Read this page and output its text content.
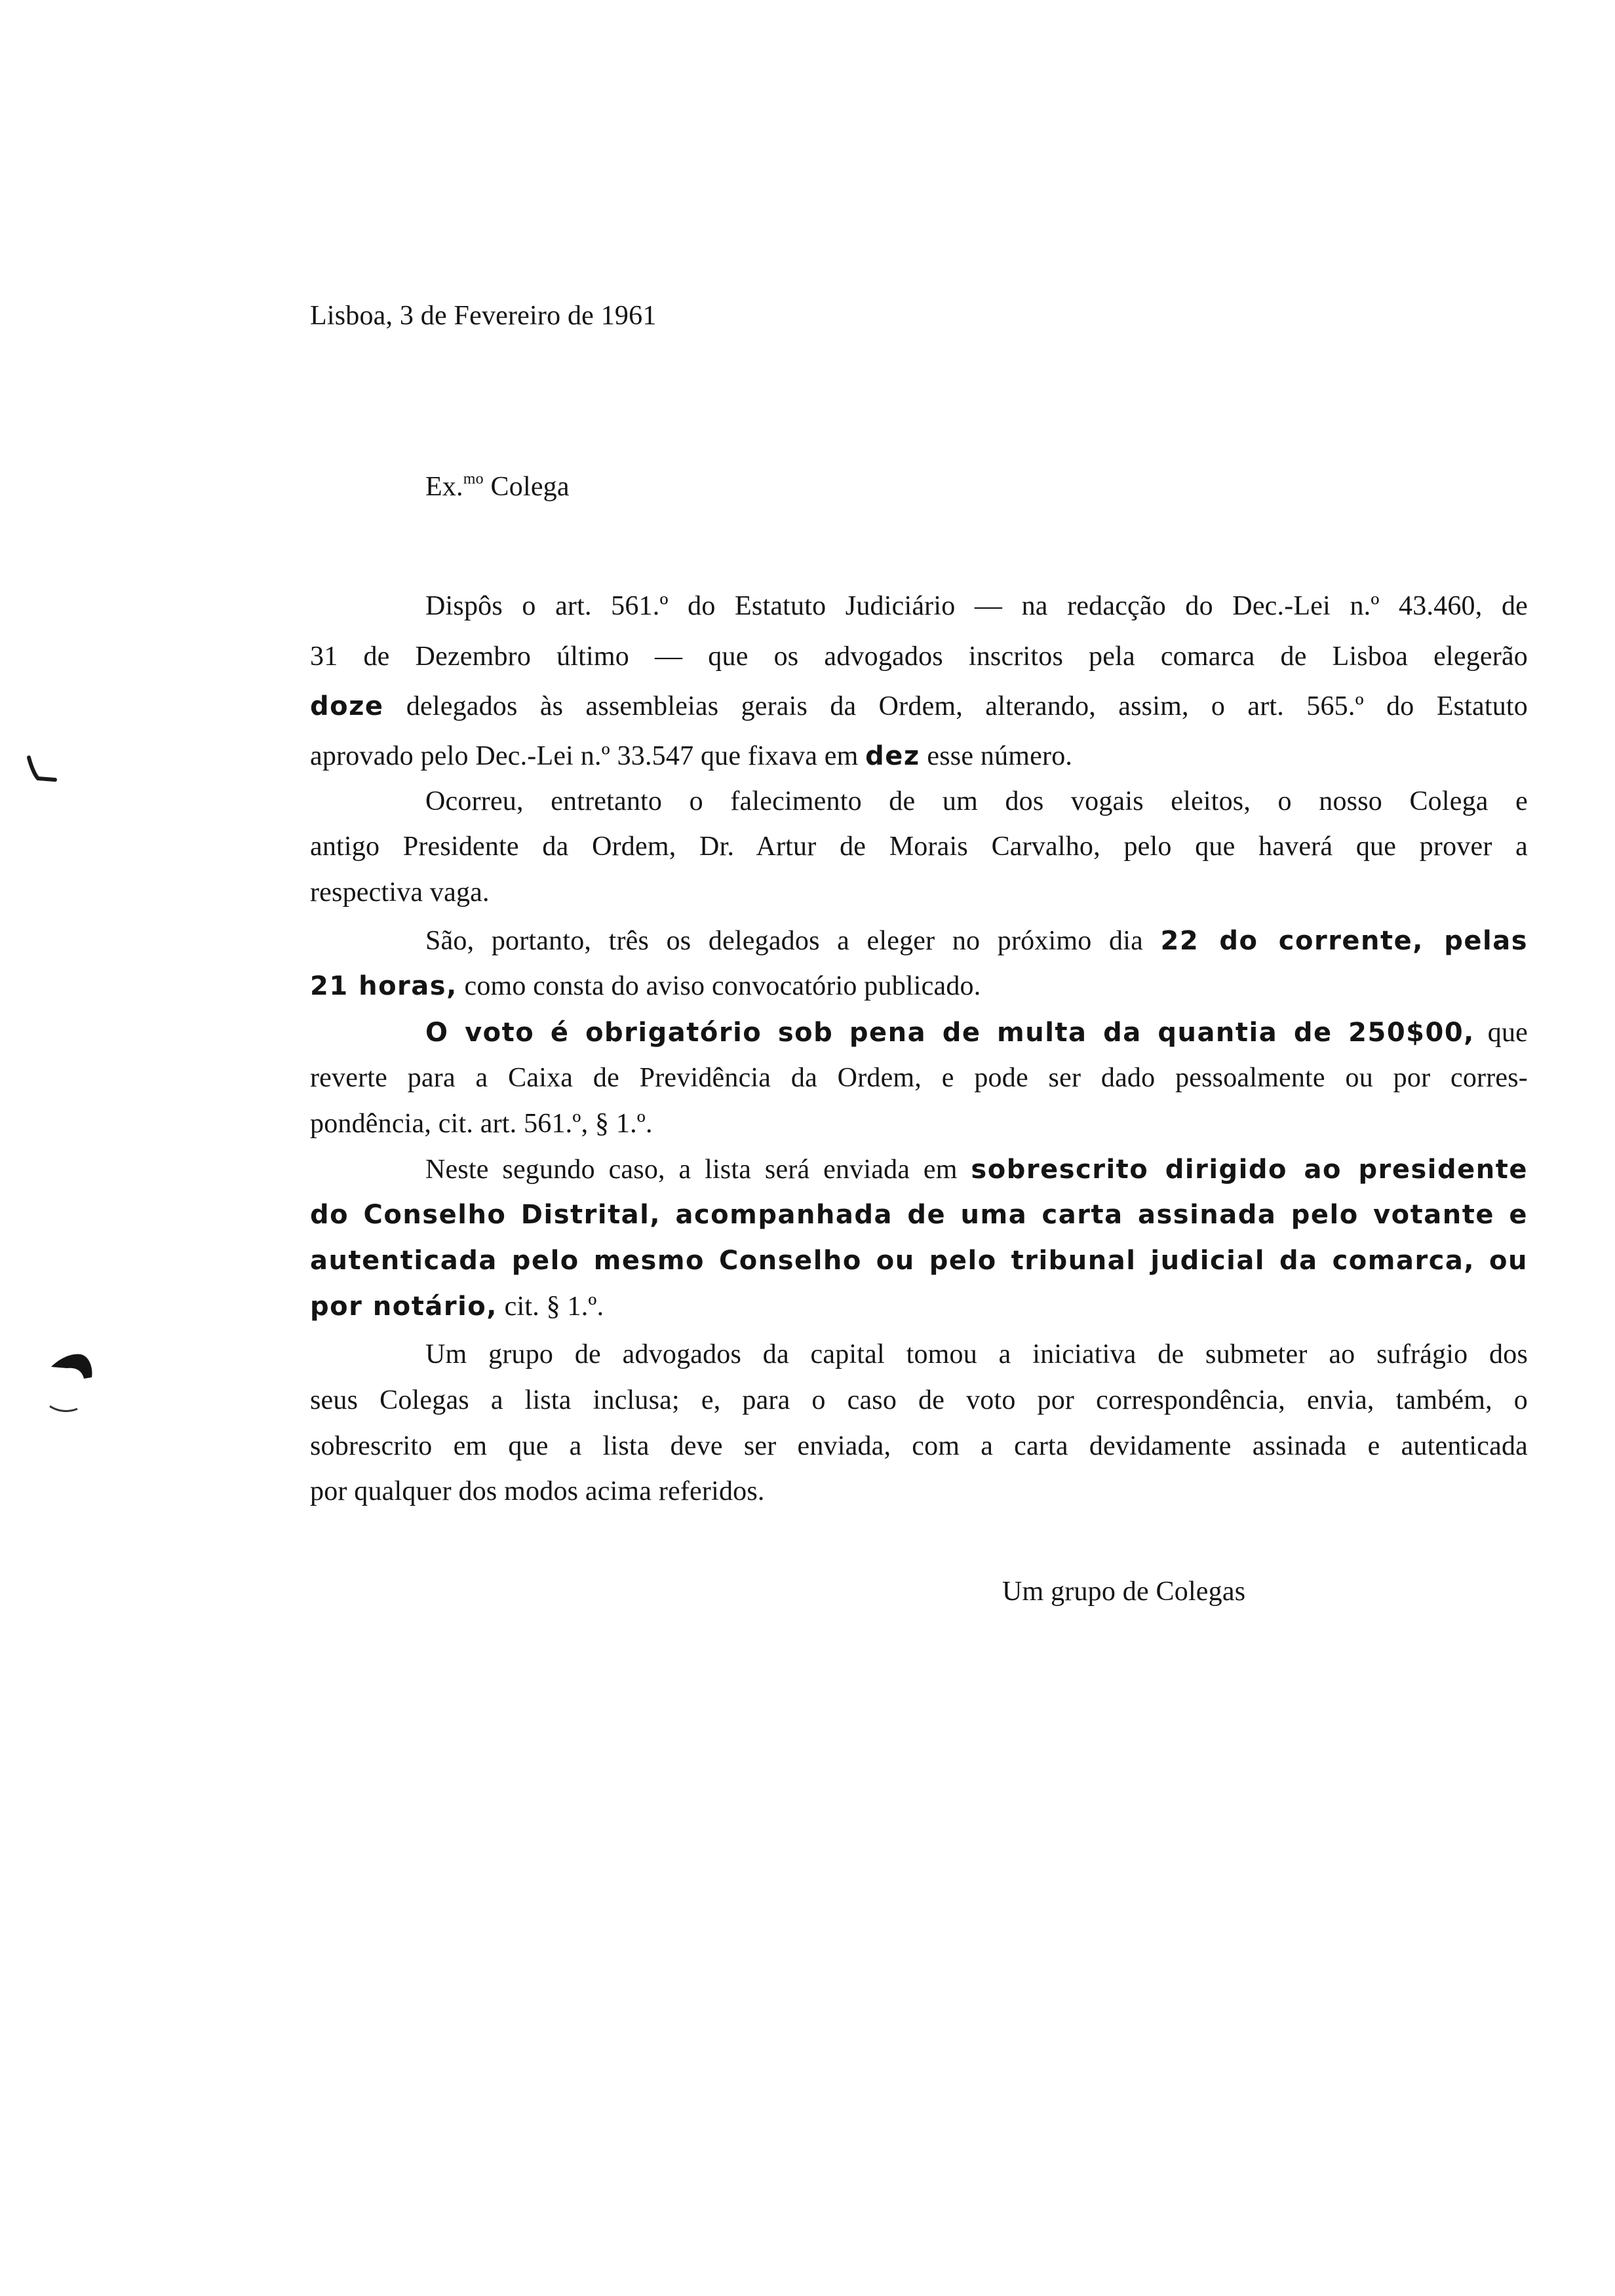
Lisboa, 3 de Fevereiro de 1961
Ex.$^{mo}$ Colega
Dispôs o art. 561.º do Estatuto Judiciário — na redacção do Dec.-Lei n.º 43.460, de
31 de Dezembro último — que os advogados inscritos pela comarca de Lisboa elegerão
doze delegados às assembleias gerais da Ordem, alterando, assim, o art. 565.º do Estatuto
aprovado pelo Dec.-Lei n.º 33.547 que fixava em dez esse número.
Ocorreu, entretanto o falecimento de um dos vogais eleitos, o nosso Colega e
antigo Presidente da Ordem, Dr. Artur de Morais Carvalho, pelo que haverá que prover a
respectiva vaga.
São, portanto, três os delegados a eleger no próximo dia 22 do corrente, pelas
21 horas, como consta do aviso convocatório publicado.
O voto é obrigatório sob pena de multa da quantia de 250$00, que
reverte para a Caixa de Previdência da Ordem, e pode ser dado pessoalmente ou por corres-
pondência, cit. art. 561.º, § 1.º.
Neste segundo caso, a lista será enviada em sobrescrito dirigido ao presidente
do Conselho Distrital, acompanhada de uma carta assinada pelo votante e
autenticada pelo mesmo Conselho ou pelo tribunal judicial da comarca, ou
por notário, cit. § 1.º.
Um grupo de advogados da capital tomou a iniciativa de submeter ao sufrágio dos
seus Colegas a lista inclusa; e, para o caso de voto por correspondência, envia, também, o
sobrescrito em que a lista deve ser enviada, com a carta devidamente assinada e autenticada
por qualquer dos modos acima referidos.
Um grupo de Colegas
